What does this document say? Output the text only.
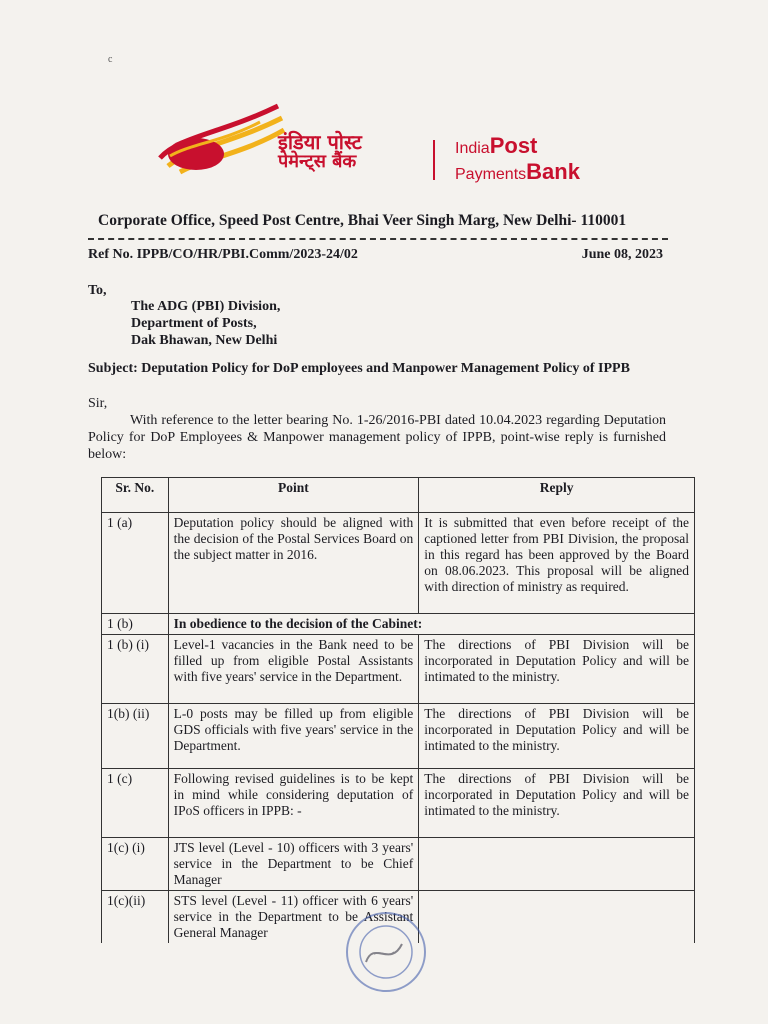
c
इंडिया पोस्ट
पेमेन्ट्स बैंक
IndiaPost
PaymentsBank
Corporate Office, Speed Post Centre, Bhai Veer Singh Marg, New Delhi- 110001
Ref No. IPPB/CO/HR/PBI.Comm/2023-24/02	June 08, 2023
To,
The ADG (PBI) Division,
Department of Posts,
Dak Bhawan, New Delhi
Subject: Deputation Policy for DoP employees and Manpower Management Policy of IPPB
Sir,
With reference to the letter bearing No. 1-26/2016-PBI dated 10.04.2023 regarding Deputation Policy for DoP Employees & Manpower management policy of IPPB, point-wise reply is furnished below:
Sr. No.	Point	Reply
1 (a)	Deputation policy should be aligned with the decision of the Postal Services Board on the subject matter in 2016.	It is submitted that even before receipt of the captioned letter from PBI Division, the proposal in this regard has been approved by the Board on 08.06.2023. This proposal will be aligned with direction of ministry as required.
1 (b)	In obedience to the decision of the Cabinet:	
1 (b) (i)	Level-1 vacancies in the Bank need to be filled up from eligible Postal Assistants with five years' service in the Department.	The directions of PBI Division will be incorporated in Deputation Policy and will be intimated to the ministry.
1(b) (ii)	L-0 posts may be filled up from eligible GDS officials with five years' service in the Department.	The directions of PBI Division will be incorporated in Deputation Policy and will be intimated to the ministry.
1 (c)	Following revised guidelines is to be kept in mind while considering deputation of IPoS officers in IPPB: -	The directions of PBI Division will be incorporated in Deputation Policy and will be intimated to the ministry.
1(c) (i)	JTS level (Level - 10) officers with 3 years' service in the Department to be Chief Manager	
1(c)(ii)	STS level (Level - 11) officer with 6 years' service in the Department to be Assistant General Manager	
